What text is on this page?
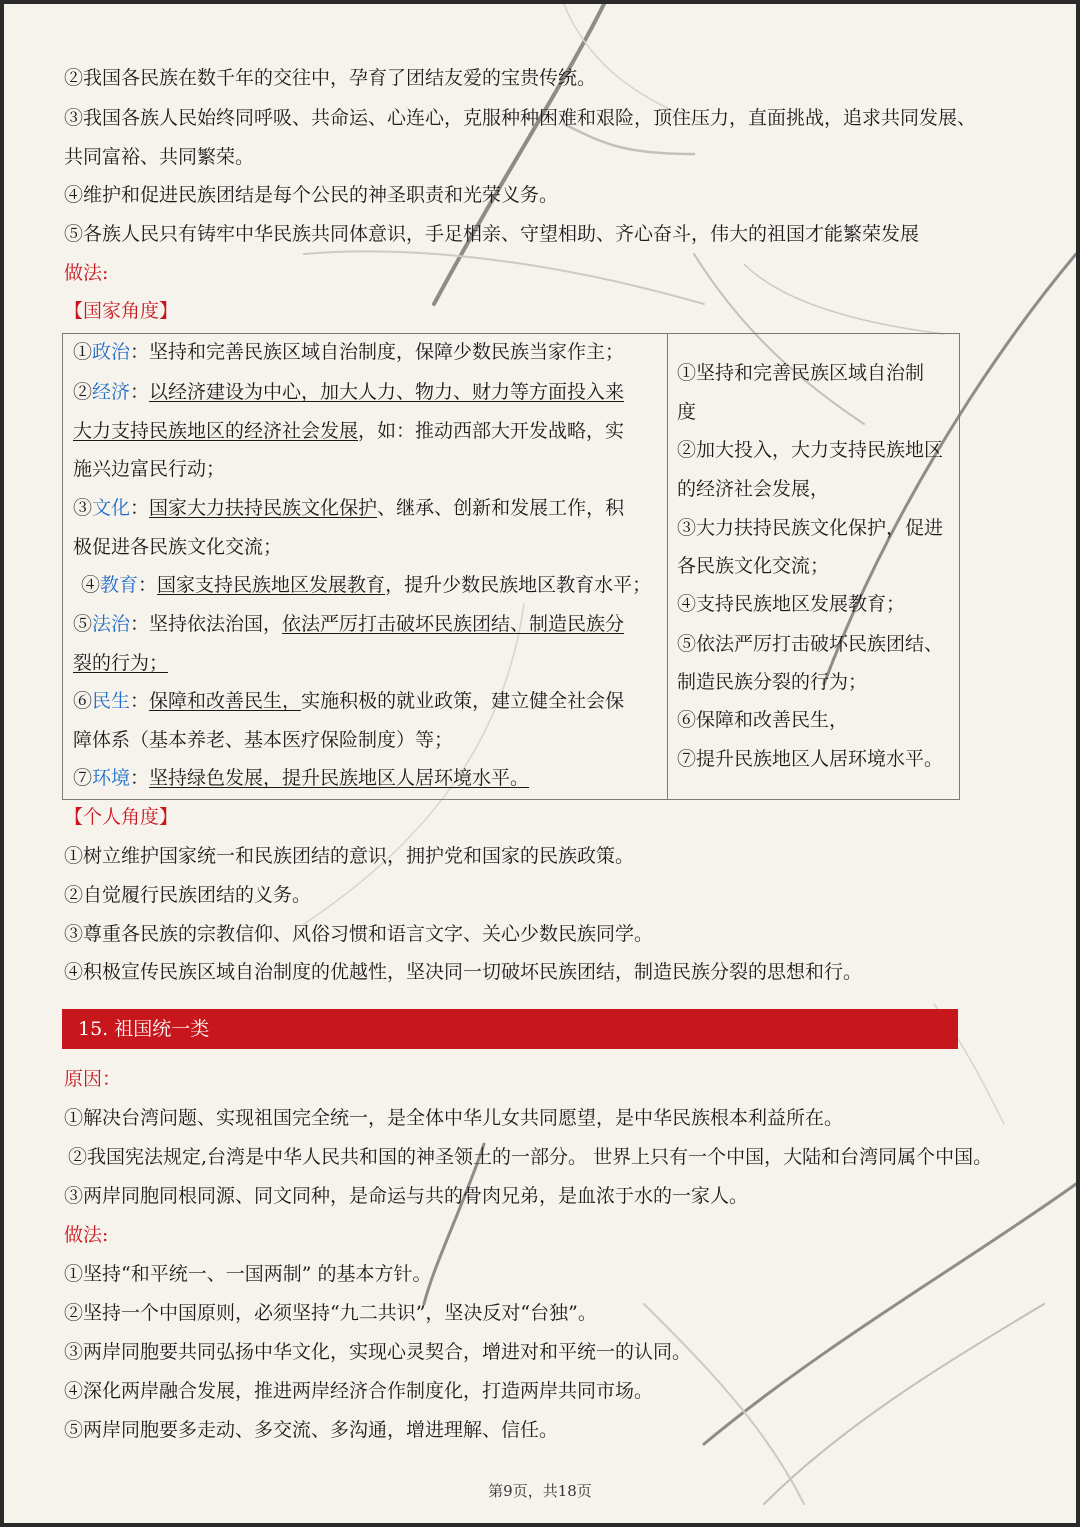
②我国各民族在数千年的交往中，孕育了团结友爱的宝贵传统。
③我国各族人民始终同呼吸、共命运、心连心，克服种种困难和艰险，顶住压力，直面挑战，追求共同发展、
共同富裕、共同繁荣。
④维护和促进民族团结是每个公民的神圣职责和光荣义务。
⑤各族人民只有铸牢中华民族共同体意识，手足相亲、守望相助、齐心奋斗，伟大的祖国才能繁荣发展
做法:
【国家角度】
①政治：坚持和完善民族区域自治制度，保障少数民族当家作主；
②经济：以经济建设为中心，加大人力、物力、财力等方面投入来
大力支持民族地区的经济社会发展，如：推动西部大开发战略，实
施兴边富民行动；
③文化：国家大力扶持民族文化保护、继承、创新和发展工作，积
极促进各民族文化交流；
④教育：国家支持民族地区发展教育，提升少数民族地区教育水平；
⑤法治：坚持依法治国，依法严厉打击破坏民族团结、制造民族分
裂的行为；
⑥民生：保障和改善民生，实施积极的就业政策，建立健全社会保
障体系（基本养老、基本医疗保险制度）等；
⑦环境：坚持绿色发展，提升民族地区人居环境水平。
①坚持和完善民族区域自治制
度
②加大投入，大力支持民族地区
的经济社会发展，
③大力扶持民族文化保护，促进
各民族文化交流；
④支持民族地区发展教育；
⑤依法严厉打击破坏民族团结、
制造民族分裂的行为；
⑥保障和改善民生，
⑦提升民族地区人居环境水平。
【个人角度】
①树立维护国家统一和民族团结的意识，拥护党和国家的民族政策。
②自觉履行民族团结的义务。
③尊重各民族的宗教信仰、风俗习惯和语言文字、关心少数民族同学。
④积极宣传民族区域自治制度的优越性，坚决同一切破坏民族团结，制造民族分裂的思想和行。
15. 祖国统一类
原因：
①解决台湾问题、实现祖国完全统一，是全体中华儿女共同愿望，是中华民族根本利益所在。
②我国宪法规定,台湾是中华人民共和国的神圣领土的一部分。 世界上只有一个中国，大陆和台湾同属个中国。
③两岸同胞同根同源、同文同种，是命运与共的骨肉兄弟，是血浓于水的一家人。
做法:
①坚持“和平统一、一国两制” 的基本方针。
②坚持一个中国原则，必须坚持“九二共识”，坚决反对“台独”。
③两岸同胞要共同弘扬中华文化，实现心灵契合，增进对和平统一的认同。
④深化两岸融合发展，推进两岸经济合作制度化，打造两岸共同市场。
⑤两岸同胞要多走动、多交流、多沟通，增进理解、信任。
第9页，共18页
